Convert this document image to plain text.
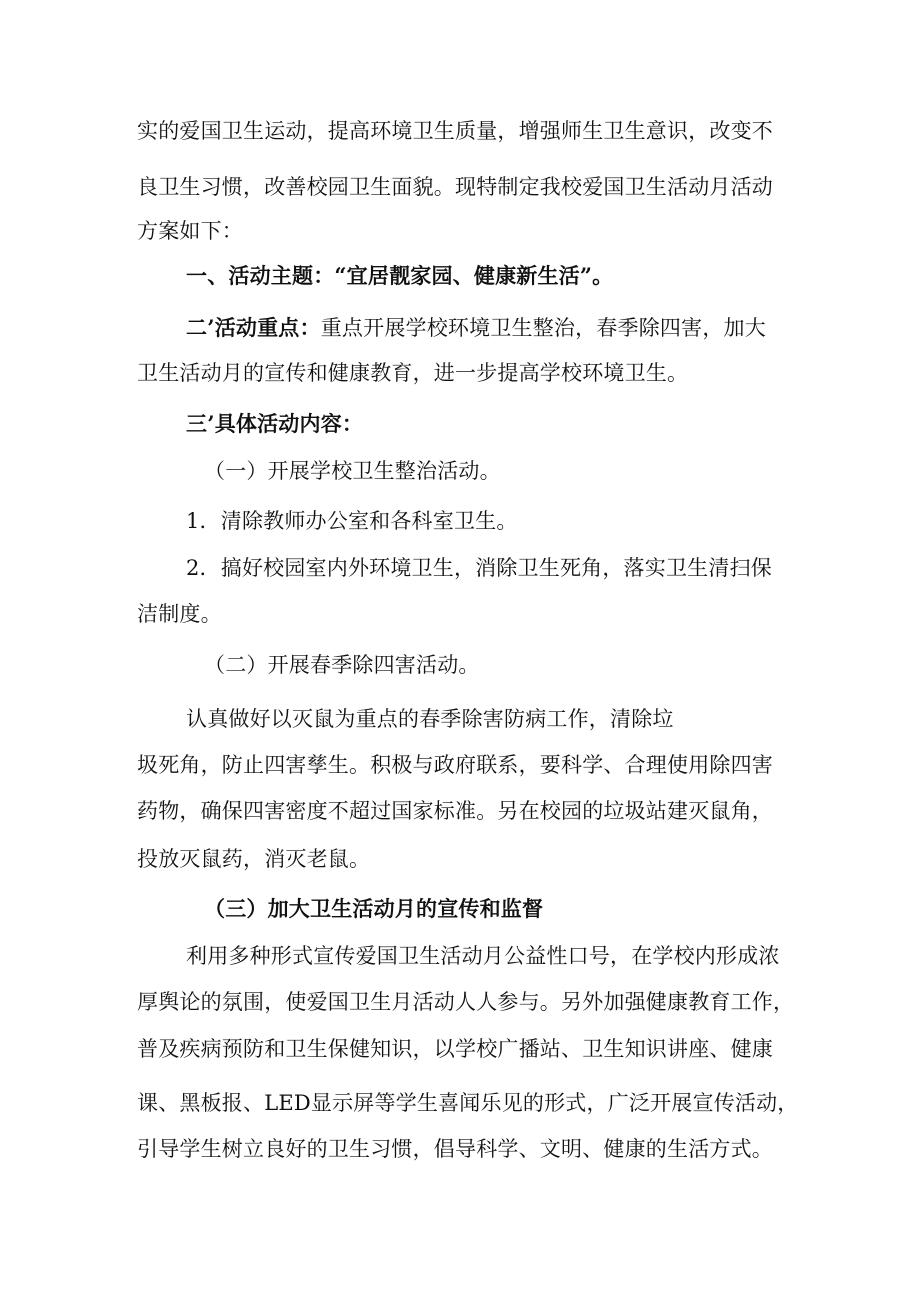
实的爱国卫生运动，提高环境卫生质量，增强师生卫生意识，改变不
良卫生习惯，改善校园卫生面貌。现特制定我校爱国卫生活动月活动
方案如下：
一、活动主题：“宜居靓家园、健康新生活”。
二’活动重点：重点开展学校环境卫生整治，春季除四害，加大
卫生活动月的宣传和健康教育，进一步提高学校环境卫生。
三’具体活动内容：
（一）开展学校卫生整治活动。
1．清除教师办公室和各科室卫生。
2．搞好校园室内外环境卫生，消除卫生死角，落实卫生清扫保
洁制度。
（二）开展春季除四害活动。
认真做好以灭鼠为重点的春季除害防病工作，清除垃
圾死角，防止四害孳生。积极与政府联系，要科学、合理使用除四害
药物，确保四害密度不超过国家标准。另在校园的垃圾站建灭鼠角，
投放灭鼠药，消灭老鼠。
（三）加大卫生活动月的宣传和监督
利用多种形式宣传爱国卫生活动月公益性口号，在学校内形成浓
厚舆论的氛围，使爱国卫生月活动人人参与。另外加强健康教育工作，
普及疾病预防和卫生保健知识，以学校广播站、卫生知识讲座、健康
课、黑板报、LED显示屏等学生喜闻乐见的形式，广泛开展宣传活动，
引导学生树立良好的卫生习惯，倡导科学、文明、健康的生活方式。
